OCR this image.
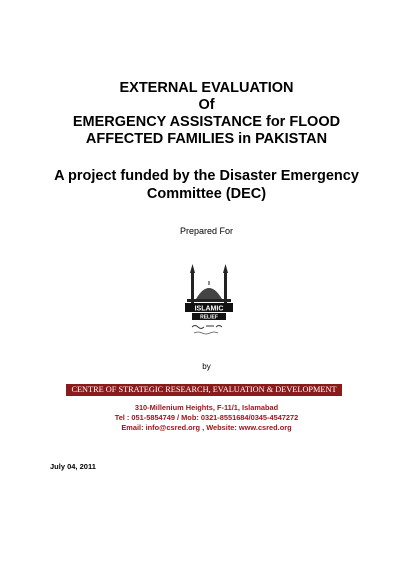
EXTERNAL EVALUATION
Of
EMERGENCY ASSISTANCE for FLOOD
AFFECTED FAMILIES in PAKISTAN
A project funded by the Disaster Emergency
Committee (DEC)
Prepared For
ISLAMIC
RELIEF
by
CENTRE OF STRATEGIC RESEARCH, EVALUATION & DEVELOPMENT
310-Millenium Heights, F-11/1, Islamabad
Tel : 051-5854749 / Mob: 0321-8551684/0345-4547272
Email: info@csred.org , Website: www.csred.org
July 04, 2011
